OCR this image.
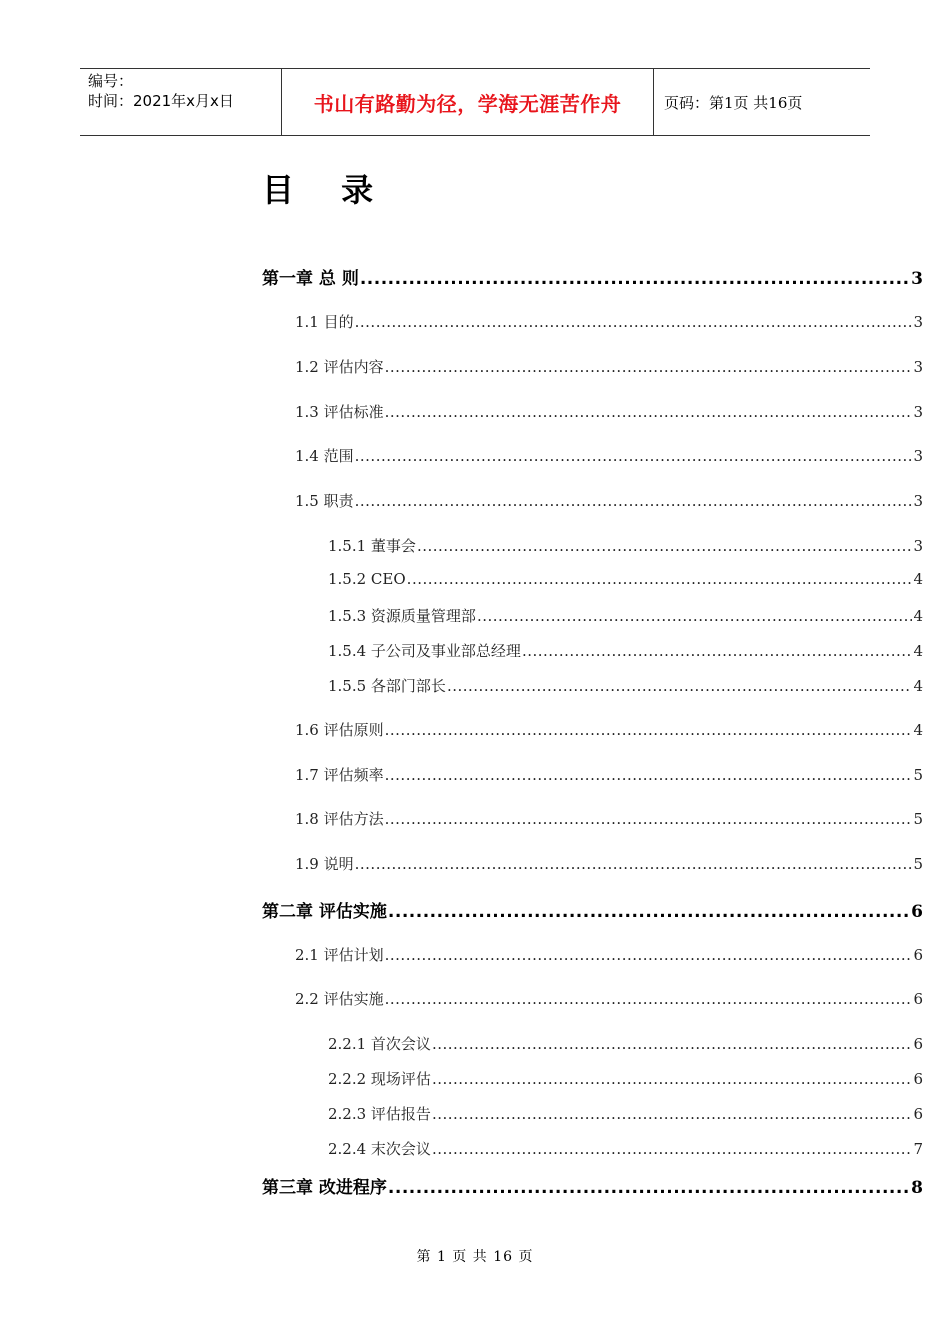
编号：
时间：2021年x月x日	书山有路勤为径，学海无涯苦作舟	页码：第1页 共16页
目 录
第一章 总 则 .....	3
1.1 目的 .....	3
1.2 评估内容 .....	3
1.3 评估标准 .....	3
1.4 范围 .....	3
1.5 职责 .....	3
1.5.1 董事会 .....	3
1.5.2 CEO .....	4
1.5.3 资源质量管理部 .....	4
1.5.4 子公司及事业部总经理 .....	4
1.5.5 各部门部长 .....	4
1.6 评估原则 .....	4
1.7 评估频率 .....	5
1.8 评估方法 .....	5
1.9 说明 .....	5
第二章 评估实施 .....	6
2.1 评估计划 .....	6
2.2 评估实施 .....	6
2.2.1 首次会议 .....	6
2.2.2 现场评估 .....	6
2.2.3 评估报告 .....	6
2.2.4 末次会议 .....	7
第三章 改进程序 .....	8
第 1 页 共 16 页
